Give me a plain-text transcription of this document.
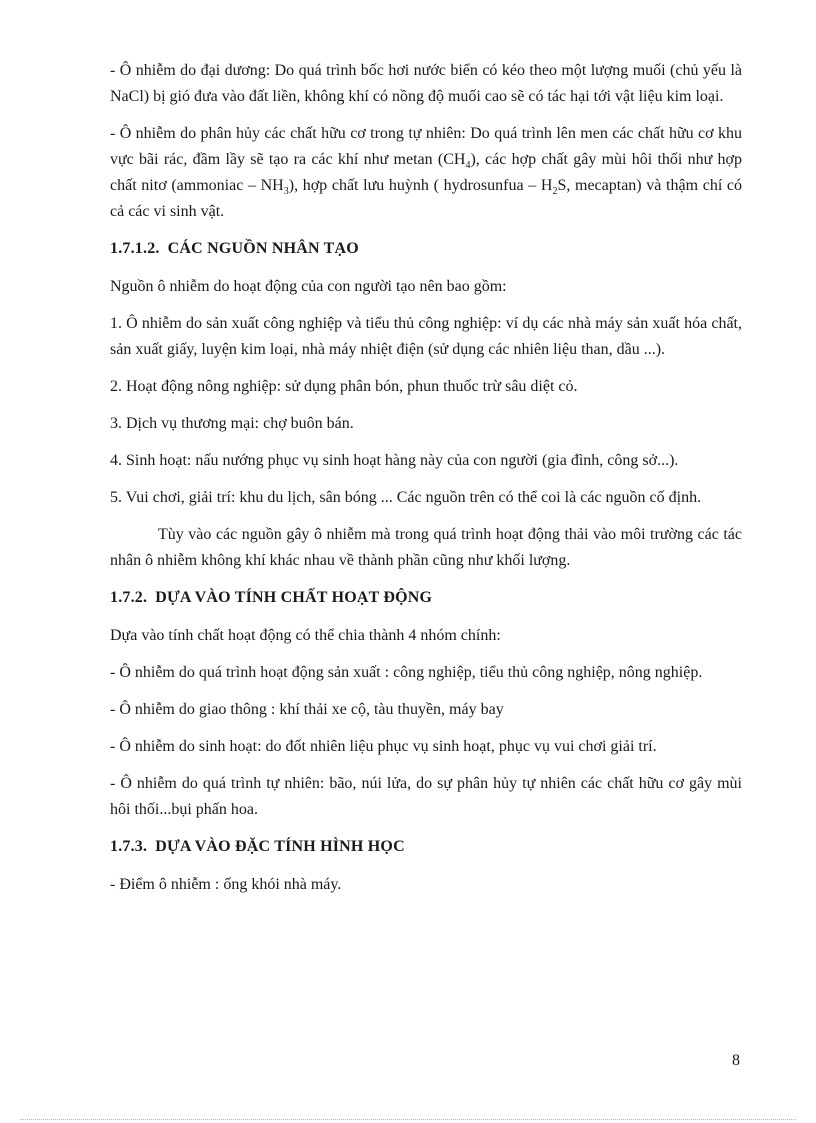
- Ô nhiễm do đại dương: Do quá trình bốc hơi nước biển có kéo theo một lượng muối (chủ yếu là NaCl) bị gió đưa vào đất liền, không khí có nồng độ muối cao sẽ có tác hại tới vật liệu kim loại.

- Ô nhiễm do phân hủy các chất hữu cơ trong tự nhiên: Do quá trình lên men các chất hữu cơ khu vực bãi rác, đầm lầy sẽ tạo ra các khí như metan $(CH_4)$, các hợp chất gây mùi hôi thối như hợp chất nitơ (ammoniac – $NH_3$), hợp chất lưu huỳnh ( hydrosunfua – $H_2S$, mecaptan) và thậm chí có cả các vi sinh vật.

1.7.1.2. CÁC NGUỒN NHÂN TẠO

Nguồn ô nhiễm do hoạt động của con người tạo nên bao gồm:

1. Ô nhiễm do sản xuất công nghiệp và tiểu thủ công nghiệp: ví dụ các nhà máy sản xuất hóa chất, sản xuất giấy, luyện kim loại, nhà máy nhiệt điện (sử dụng các nhiên liệu than, dầu ...).

2. Hoạt động nông nghiệp: sử dụng phân bón, phun thuốc trừ sâu diệt cỏ.

3. Dịch vụ thương mại: chợ buôn bán.

4. Sinh hoạt: nấu nướng phục vụ sinh hoạt hàng này của con người (gia đình, công sở...).

5. Vui chơi, giải trí: khu du lịch, sân bóng ... Các nguồn trên có thể coi là các nguồn cố định.

Tùy vào các nguồn gây ô nhiễm mà trong quá trình hoạt động thải vào môi trường các tác nhân ô nhiễm không khí khác nhau về thành phần cũng như khối lượng.

1.7.2. DỰA VÀO TÍNH CHẤT HOẠT ĐỘNG

Dựa vào tính chất hoạt động có thể chia thành 4 nhóm chính:

- Ô nhiễm do quá trình hoạt động sản xuất : công nghiệp, tiểu thủ công nghiệp, nông nghiệp.

- Ô nhiễm do giao thông : khí thải xe cộ, tàu thuyền, máy bay

- Ô nhiễm do sinh hoạt: do đốt nhiên liệu phục vụ sinh hoạt, phục vụ vui chơi giải trí.

- Ô nhiễm do quá trình tự nhiên: bão, núi lửa, do sự phân hủy tự nhiên các chất hữu cơ gây mùi hôi thối...bụi phấn hoa.

1.7.3. DỰA VÀO ĐẶC TÍNH HÌNH HỌC

- Điểm ô nhiễm : ống khói nhà máy.

8
